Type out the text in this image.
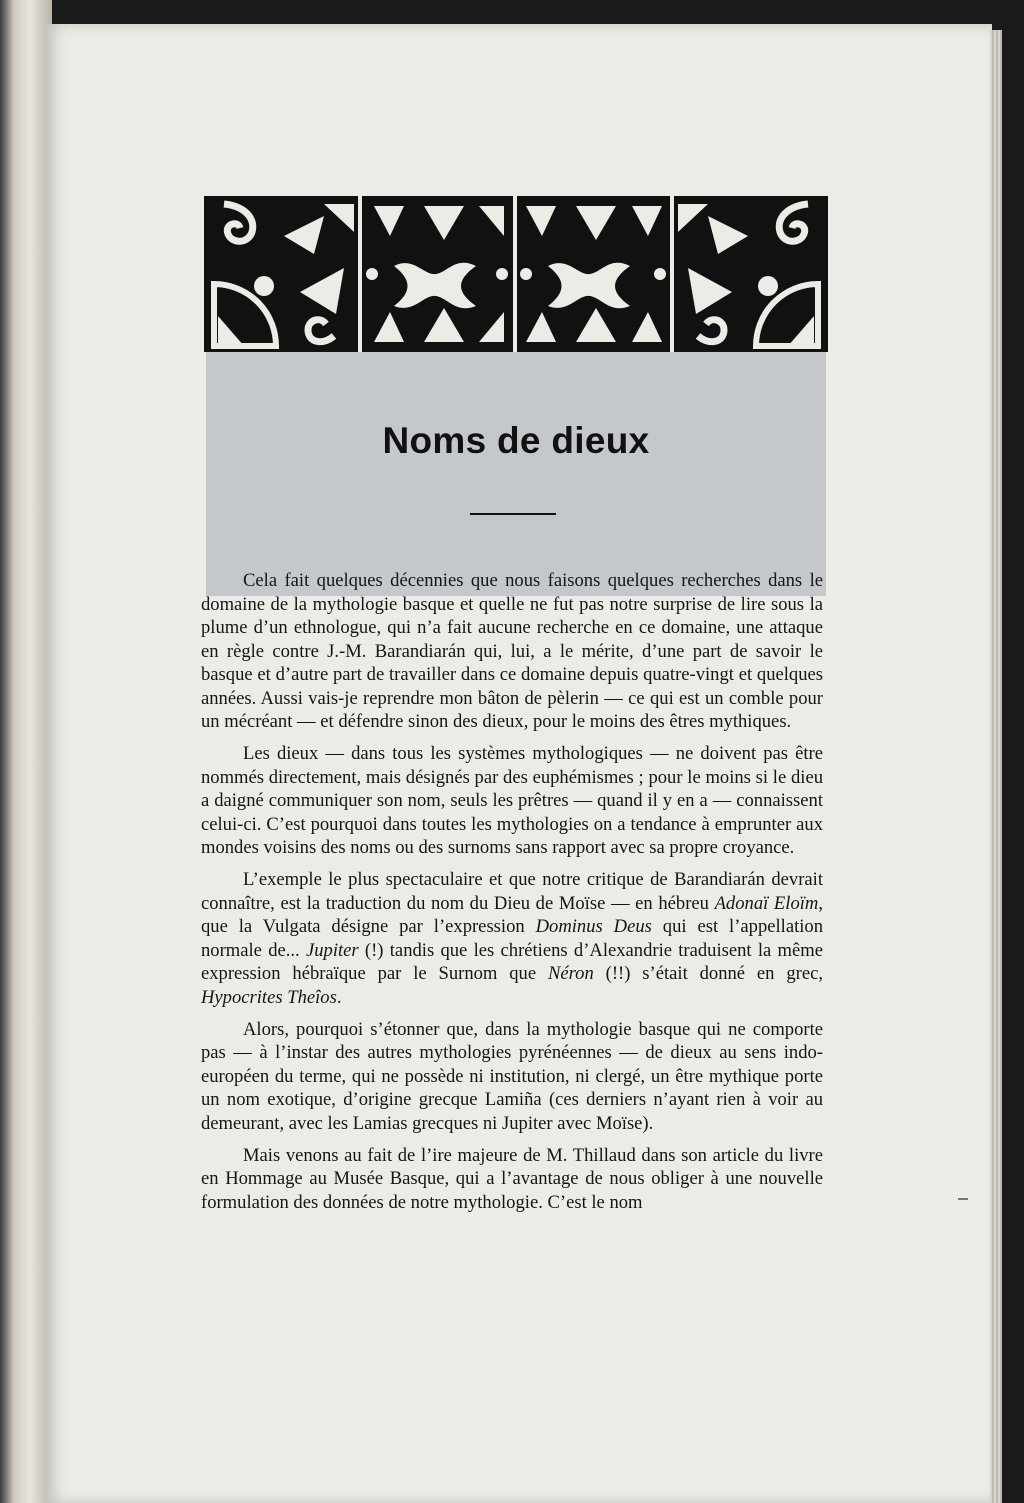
Noms de dieux

Cela fait quelques décennies que nous faisons quelques recherches dans le domaine de la mythologie basque et quelle ne fut pas notre surprise de lire sous la plume d’un ethnologue, qui n’a fait aucune recherche en ce domaine, une attaque en règle contre J.-M. Barandiarán qui, lui, a le mérite, d’une part de savoir le basque et d’autre part de travailler dans ce domaine depuis quatre-vingt et quelques années. Aussi vais-je reprendre mon bâton de pèlerin — ce qui est un comble pour un mécréant — et défendre sinon des dieux, pour le moins des êtres mythiques.

Les dieux — dans tous les systèmes mythologiques — ne doivent pas être nommés directement, mais désignés par des euphémismes ; pour le moins si le dieu a daigné communiquer son nom, seuls les prêtres — quand il y en a — connaissent celui-ci. C’est pourquoi dans toutes les mythologies on a tendance à emprunter aux mondes voisins des noms ou des surnoms sans rapport avec sa propre croyance.

L’exemple le plus spectaculaire et que notre critique de Barandiarán devrait connaître, est la traduction du nom du Dieu de Moïse — en hébreu Adonaï Eloïm, que la Vulgata désigne par l’expression Dominus Deus qui est l’appellation normale de... Jupiter (!) tandis que les chrétiens d’Alexandrie traduisent la même expression hébraïque par le Surnom que Néron (!!) s’était donné en grec, Hypocrites Theîos.

Alors, pourquoi s’étonner que, dans la mythologie basque qui ne comporte pas — à l’instar des autres mythologies pyrénéennes — de dieux au sens indo-européen du terme, qui ne possède ni institution, ni clergé, un être mythique porte un nom exotique, d’origine grecque Lamiña (ces derniers n’ayant rien à voir au demeurant, avec les Lamias grecques ni Jupiter avec Moïse).

Mais venons au fait de l’ire majeure de M. Thillaud dans son article du livre en Hommage au Musée Basque, qui a l’avantage de nous obliger à une nouvelle formulation des données de notre mythologie. C’est le nom
